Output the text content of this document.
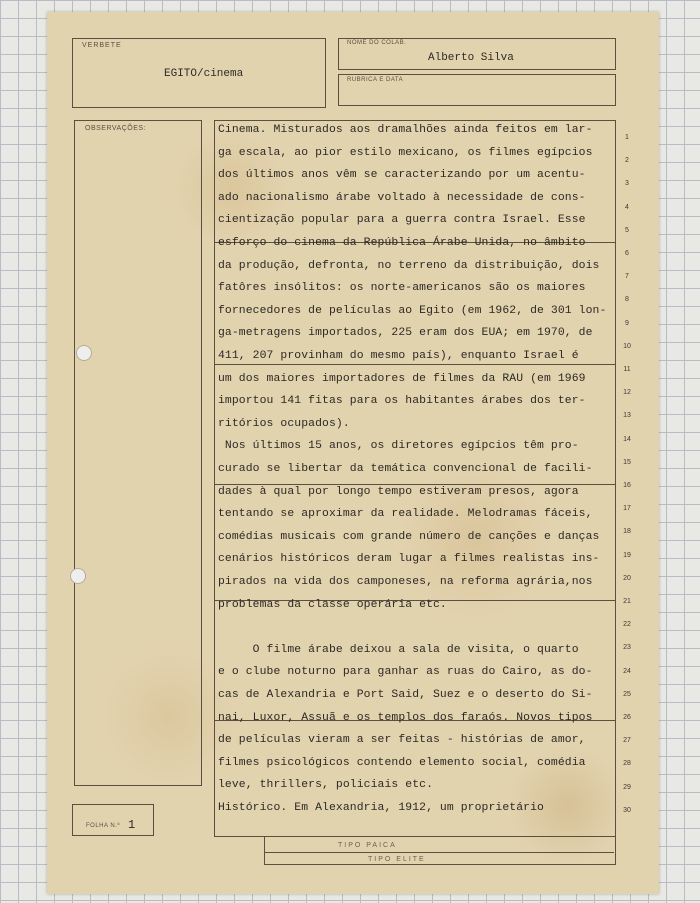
VERBETE
EGITO/cinema
NOME DO COLAB.
Alberto Silva
RUBRICA E DATA
OBSERVAÇÕES:
FOLHA N.º 1
Cinema. Misturados aos dramalhões ainda feitos em lar-
ga escala, ao pior estilo mexicano, os filmes egípcios
dos últimos anos vêm se caracterizando por um acentu-
ado nacionalismo árabe voltado à necessidade de cons-
cientização popular para a guerra contra Israel. Esse
esforço do cinema da República Árabe Unida, no âmbito
da produção, defronta, no terreno da distribuição, dois
fatôres insólitos: os norte-americanos são os maiores
fornecedores de películas ao Egito (em 1962, de 301 lon-
ga-metragens importados, 225 eram dos EUA; em 1970, de
411, 207 provinham do mesmo país), enquanto Israel é
um dos maiores importadores de filmes da RAU (em 1969
importou 141 fitas para os habitantes árabes dos ter-
ritórios ocupados).
Nos últimos 15 anos, os diretores egípcios têm pro-
curado se libertar da temática convencional de facili-
dades à qual por longo tempo estiveram presos, agora
tentando se aproximar da realidade. Melodramas fáceis,
comédias musicais com grande número de canções e danças
cenários históricos deram lugar a filmes realistas ins-
pirados na vida dos camponeses, na reforma agrária,nos
problemas da classe operária etc.
O filme árabe deixou a sala de visita, o quarto
e o clube noturno para ganhar as ruas do Cairo, as do-
cas de Alexandria e Port Said, Suez e o deserto do Si-
nai, Luxor, Assuã e os templos dos faraós. Novos tipos
de películas vieram a ser feitas - histórias de amor,
filmes psicológicos contendo elemento social, comédia
leve, thrillers, policiais etc.
Histórico. Em Alexandria, 1912, um proprietário
1
2
3
4
5
6
7
8
9
10
11
12
13
14
15
16
17
18
19
20
21
22
23
24
25
26
27
28
29
30
TIPO PAICA
TIPO ELITE
